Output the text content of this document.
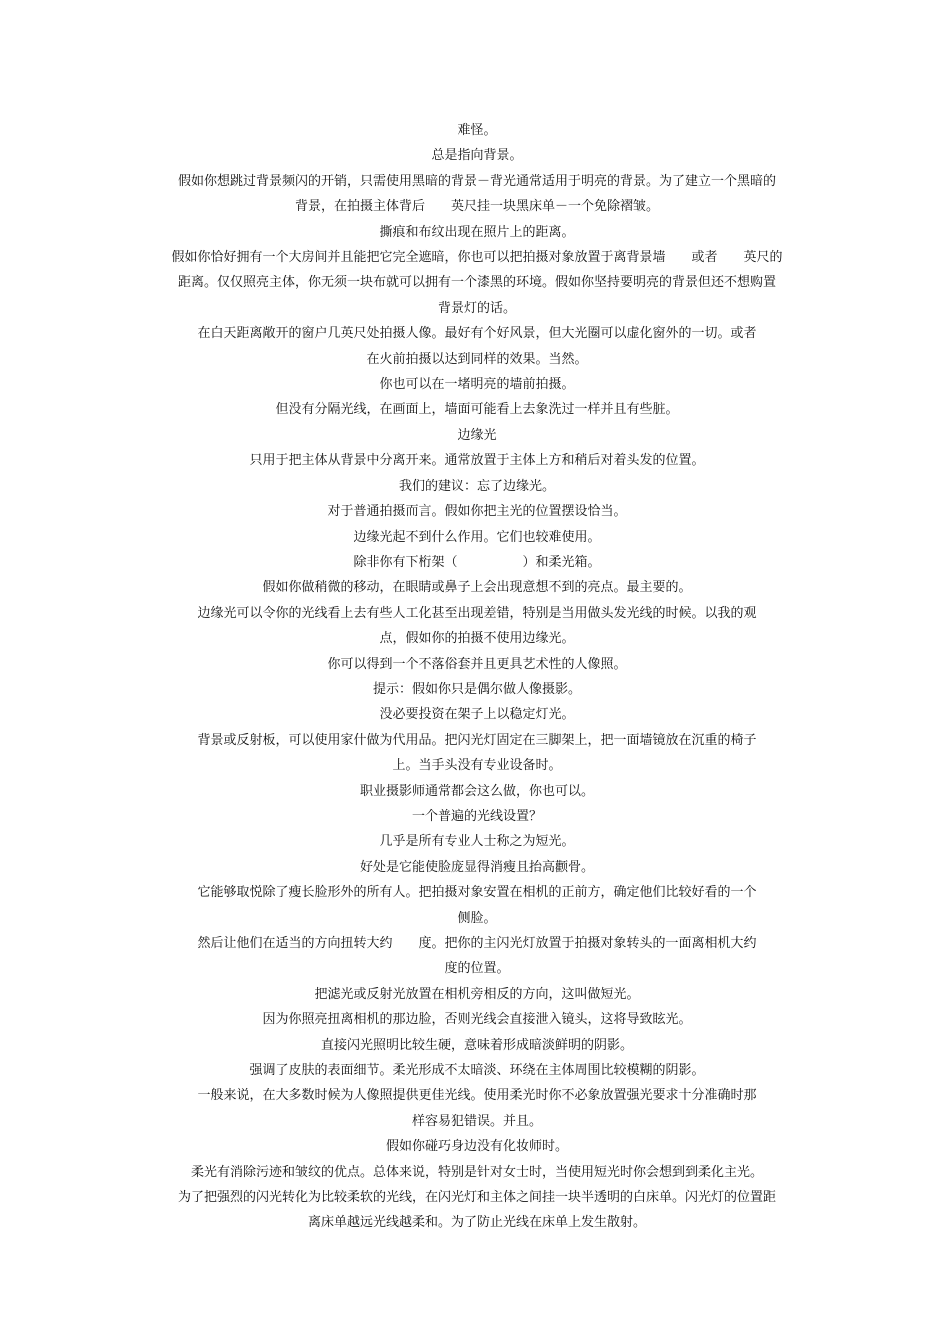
难怪。

总是指向背景。

假如你想跳过背景频闪的开销，只需使用黑暗的背景－背光通常适用于明亮的背景。为了建立一个黑暗的

背景，在拍摄主体背后　　英尺挂一块黑床单－一个免除褶皱。

撕痕和布纹出现在照片上的距离。

假如你恰好拥有一个大房间并且能把它完全遮暗，你也可以把拍摄对象放置于离背景墙　　或者　　英尺的

距离。仅仅照亮主体，你无须一块布就可以拥有一个漆黑的环境。假如你坚持要明亮的背景但还不想购置

背景灯的话。

在白天距离敞开的窗户几英尺处拍摄人像。最好有个好风景，但大光圈可以虚化窗外的一切。或者

在火前拍摄以达到同样的效果。当然。

你也可以在一堵明亮的墙前拍摄。

但没有分隔光线，在画面上，墙面可能看上去象洗过一样并且有些脏。

边缘光

只用于把主体从背景中分离开来。通常放置于主体上方和稍后对着头发的位置。

我们的建议：忘了边缘光。

对于普通拍摄而言。假如你把主光的位置摆设恰当。

边缘光起不到什么作用。它们也较难使用。

除非你有下桁架（　　　　　）和柔光箱。

假如你做稍微的移动，在眼睛或鼻子上会出现意想不到的亮点。最主要的。

边缘光可以令你的光线看上去有些人工化甚至出现差错，特别是当用做头发光线的时候。以我的观

点，假如你的拍摄不使用边缘光。

你可以得到一个不落俗套并且更具艺术性的人像照。

提示：假如你只是偶尔做人像摄影。

没必要投资在架子上以稳定灯光。

背景或反射板，可以使用家什做为代用品。把闪光灯固定在三脚架上，把一面墙镜放在沉重的椅子

上。当手头没有专业设备时。

职业摄影师通常都会这么做，你也可以。

一个普遍的光线设置？

几乎是所有专业人士称之为短光。

好处是它能使脸庞显得消瘦且抬高颧骨。

它能够取悦除了瘦长脸形外的所有人。把拍摄对象安置在相机的正前方，确定他们比较好看的一个

侧脸。

然后让他们在适当的方向扭转大约　　度。把你的主闪光灯放置于拍摄对象转头的一面离相机大约

度的位置。

把滤光或反射光放置在相机旁相反的方向，这叫做短光。

因为你照亮扭离相机的那边脸，否则光线会直接泄入镜头，这将导致眩光。

直接闪光照明比较生硬，意味着形成暗淡鲜明的阴影。

强调了皮肤的表面细节。柔光形成不太暗淡、环绕在主体周围比较模糊的阴影。

一般来说，在大多数时候为人像照提供更佳光线。使用柔光时你不必象放置强光要求十分准确时那

样容易犯错误。并且。

假如你碰巧身边没有化妆师时。

柔光有消除污迹和皱纹的优点。总体来说，特别是针对女士时，当使用短光时你会想到到柔化主光。

为了把强烈的闪光转化为比较柔软的光线，在闪光灯和主体之间挂一块半透明的白床单。闪光灯的位置距

离床单越远光线越柔和。为了防止光线在床单上发生散射。
